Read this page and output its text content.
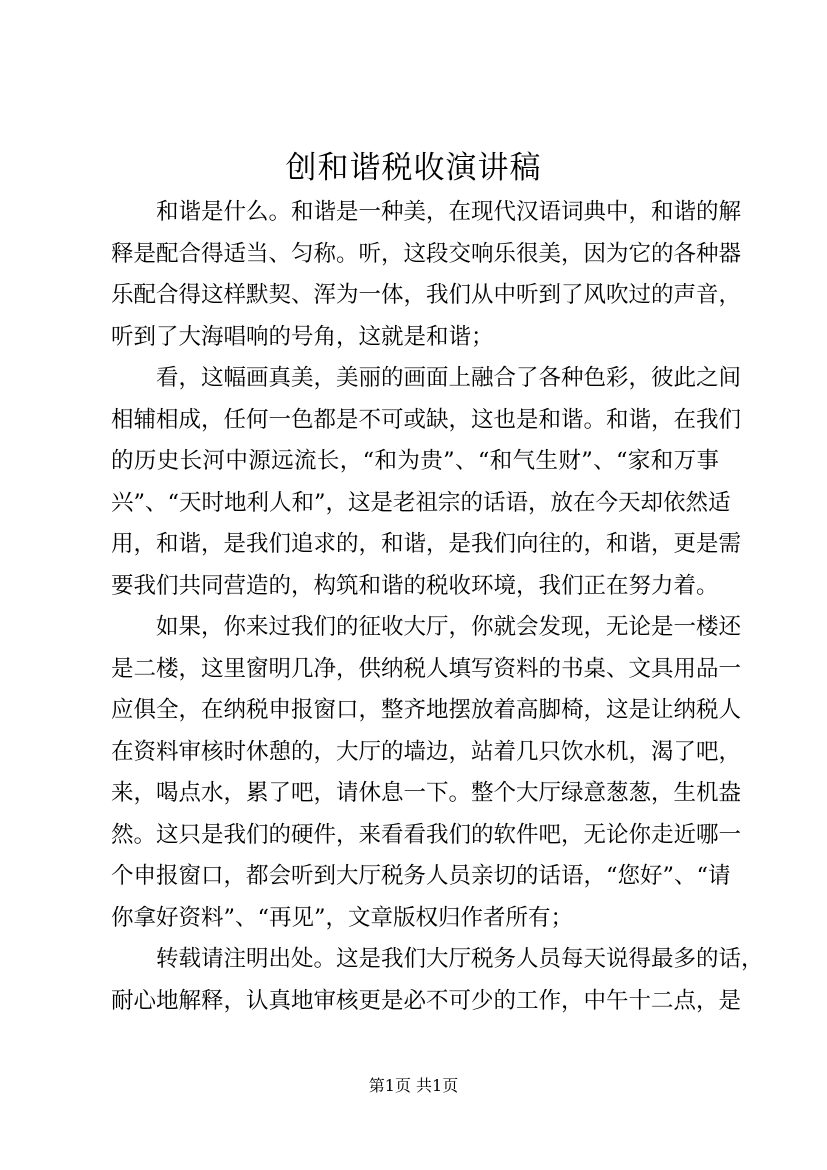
创和谐税收演讲稿
和谐是什么。和谐是一种美，在现代汉语词典中，和谐的解
释是配合得适当、匀称。听，这段交响乐很美，因为它的各种器
乐配合得这样默契、浑为一体，我们从中听到了风吹过的声音，
听到了大海唱响的号角，这就是和谐；
看，这幅画真美，美丽的画面上融合了各种色彩，彼此之间
相辅相成，任何一色都是不可或缺，这也是和谐。和谐，在我们
的历史长河中源远流长，“和为贵”、“和气生财”、“家和万事
兴”、“天时地利人和”，这是老祖宗的话语，放在今天却依然适
用，和谐，是我们追求的，和谐，是我们向往的，和谐，更是需
要我们共同营造的，构筑和谐的税收环境，我们正在努力着。
如果，你来过我们的征收大厅，你就会发现，无论是一楼还
是二楼，这里窗明几净，供纳税人填写资料的书桌、文具用品一
应俱全，在纳税申报窗口，整齐地摆放着高脚椅，这是让纳税人
在资料审核时休憩的，大厅的墙边，站着几只饮水机，渴了吧，
来，喝点水，累了吧，请休息一下。整个大厅绿意葱葱，生机盎
然。这只是我们的硬件，来看看我们的软件吧，无论你走近哪一
个申报窗口，都会听到大厅税务人员亲切的话语，“您好”、“请
你拿好资料”、“再见”，文章版权归作者所有；
转载请注明出处。这是我们大厅税务人员每天说得最多的话，
耐心地解释，认真地审核更是必不可少的工作，中午十二点，是
第1页 共1页
